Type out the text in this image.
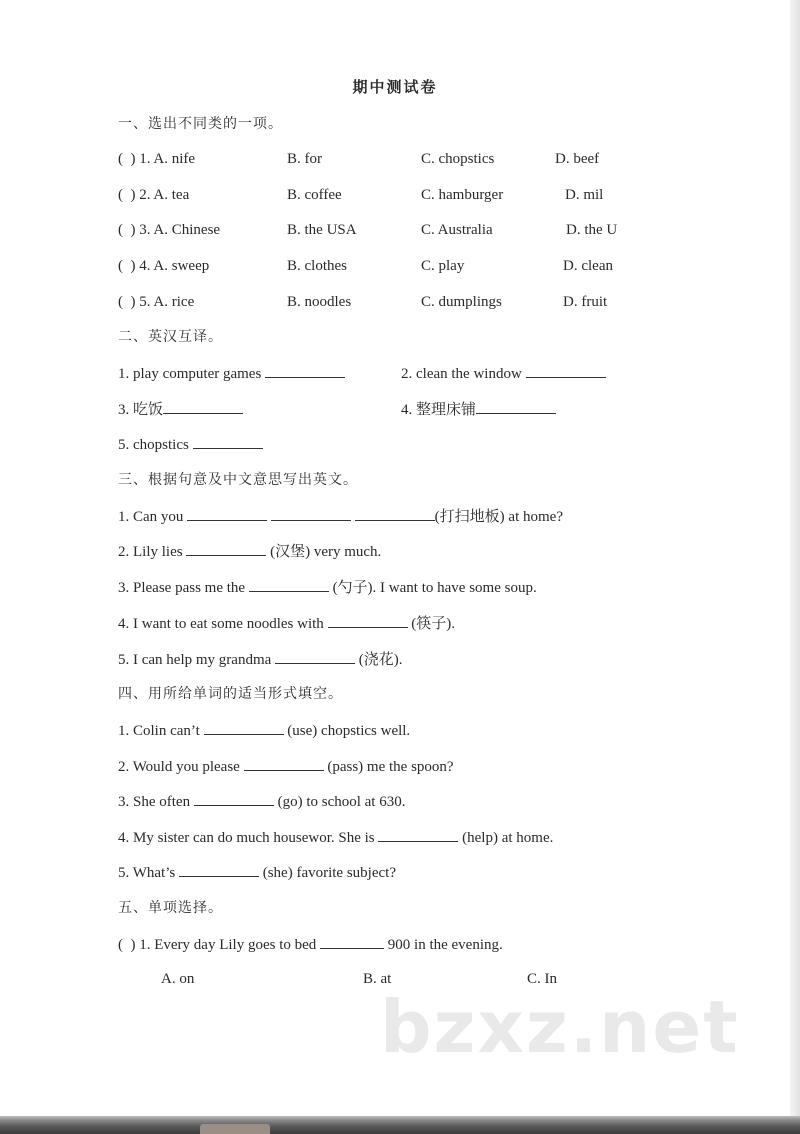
期中测试卷
一、选出不同类的一项。
(  ) 1. A. nife	B. for	C. chopstics	D. beef
(  ) 2. A. tea	B. coffee	C. hamburger	D. mil
(  ) 3. A. Chinese	B. the USA	C. Australia	D. the U
(  ) 4. A. sweep	B. clothes	C. play	D. clean
(  ) 5. A. rice	B. noodles	C. dumplings	D. fruit
二、英汉互译。
1. play computer games	2. clean the window
3. 吃饭	4. 整理床铺
5. chopstics
三、根据句意及中文意思写出英文。
1. Can you	(打扫地板) at home?
2. Lily lies	(汉堡) very much.
3. Please pass me the	(勺子). I want to have some soup.
4. I want to eat some noodles with	(筷子).
5. I can help my grandma	(浇花).
四、用所给单词的适当形式填空。
1. Colin can’t	(use) chopstics well.
2. Would you please	(pass) me the spoon?
3. She often	(go) to school at 630.
4. My sister can do much housewor. She is	(help) at home.
5. What’s	(she) favorite subject?
五、单项选择。
(  ) 1. Every day Lily goes to bed	900 in the evening.
A. on	B. at	C. In
bzxz.net
